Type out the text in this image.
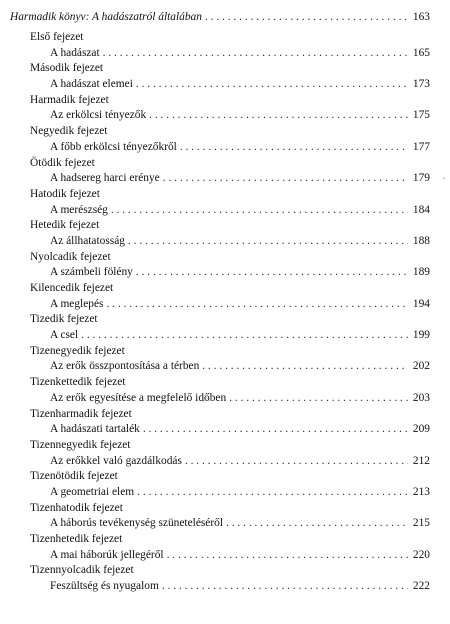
Harmadik könyv: A hadászatról általában . . .	163
Első fejezet
A hadászat . . .	165
Második fejezet
A hadászat elemei . . .	173
Harmadik fejezet
Az erkölcsi tényezők . . .	175
Negyedik fejezet
A főbb erkölcsi tényezőkről . . .	177
Ötödik fejezet
A hadsereg harci erénye . . .	179
Hatodik fejezet
A merészség . . .	184
Hetedik fejezet
Az állhatatosság . . .	188
Nyolcadik fejezet
A számbeli fölény . . .	189
Kilencedik fejezet
A meglepés . . .	194
Tizedik fejezet
A csel . . .	199
Tizenegyedik fejezet
Az erők összpontosítása a térben . . .	202
Tizenkettedik fejezet
Az erők egyesítése a megfelelő időben . . .	203
Tizenharmadik fejezet
A hadászati tartalék . . .	209
Tizennegyedik fejezet
Az erőkkel való gazdálkodás . . .	212
Tizenötödik fejezet
A geometriai elem . . .	213
Tizenhatodik fejezet
A háborús tevékenység szüneteléséről . . .	215
Tizenhetedik fejezet
A mai háborúk jellegéről . . .	220
Tizennyolcadik fejezet
Feszültség és nyugalom . . .	222
`
